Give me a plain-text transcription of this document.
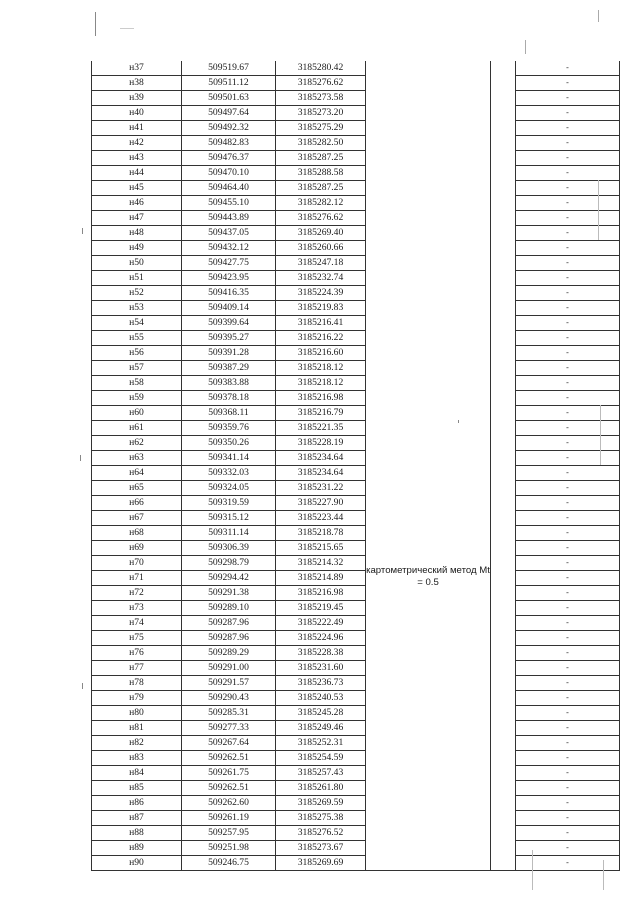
н37	509519.67	3185280.42	картометрический метод Mt = 0.5		-
н38	509511.12	3185276.62			-
н39	509501.63	3185273.58			-
н40	509497.64	3185273.20			-
н41	509492.32	3185275.29			-
н42	509482.83	3185282.50			-
н43	509476.37	3185287.25			-
н44	509470.10	3185288.58			-
н45	509464.40	3185287.25			-
н46	509455.10	3185282.12			-
н47	509443.89	3185276.62			-
н48	509437.05	3185269.40			-
н49	509432.12	3185260.66			-
н50	509427.75	3185247.18			-
н51	509423.95	3185232.74			-
н52	509416.35	3185224.39			-
н53	509409.14	3185219.83			-
н54	509399.64	3185216.41			-
н55	509395.27	3185216.22			-
н56	509391.28	3185216.60			-
н57	509387.29	3185218.12			-
н58	509383.88	3185218.12			-
н59	509378.18	3185216.98			-
н60	509368.11	3185216.79			-
н61	509359.76	3185221.35			-
н62	509350.26	3185228.19			-
н63	509341.14	3185234.64			-
н64	509332.03	3185234.64			-
н65	509324.05	3185231.22			-
н66	509319.59	3185227.90			-
н67	509315.12	3185223.44			-
н68	509311.14	3185218.78			-
н69	509306.39	3185215.65			-
н70	509298.79	3185214.32			-
н71	509294.42	3185214.89			-
н72	509291.38	3185216.98			-
н73	509289.10	3185219.45			-
н74	509287.96	3185222.49			-
н75	509287.96	3185224.96			-
н76	509289.29	3185228.38			-
н77	509291.00	3185231.60			-
н78	509291.57	3185236.73			-
н79	509290.43	3185240.53			-
н80	509285.31	3185245.28			-
н81	509277.33	3185249.46			-
н82	509267.64	3185252.31			-
н83	509262.51	3185254.59			-
н84	509261.75	3185257.43			-
н85	509262.51	3185261.80			-
н86	509262.60	3185269.59			-
н87	509261.19	3185275.38			-
н88	509257.95	3185276.52			-
н89	509251.98	3185273.67			-
н90	509246.75	3185269.69			-
